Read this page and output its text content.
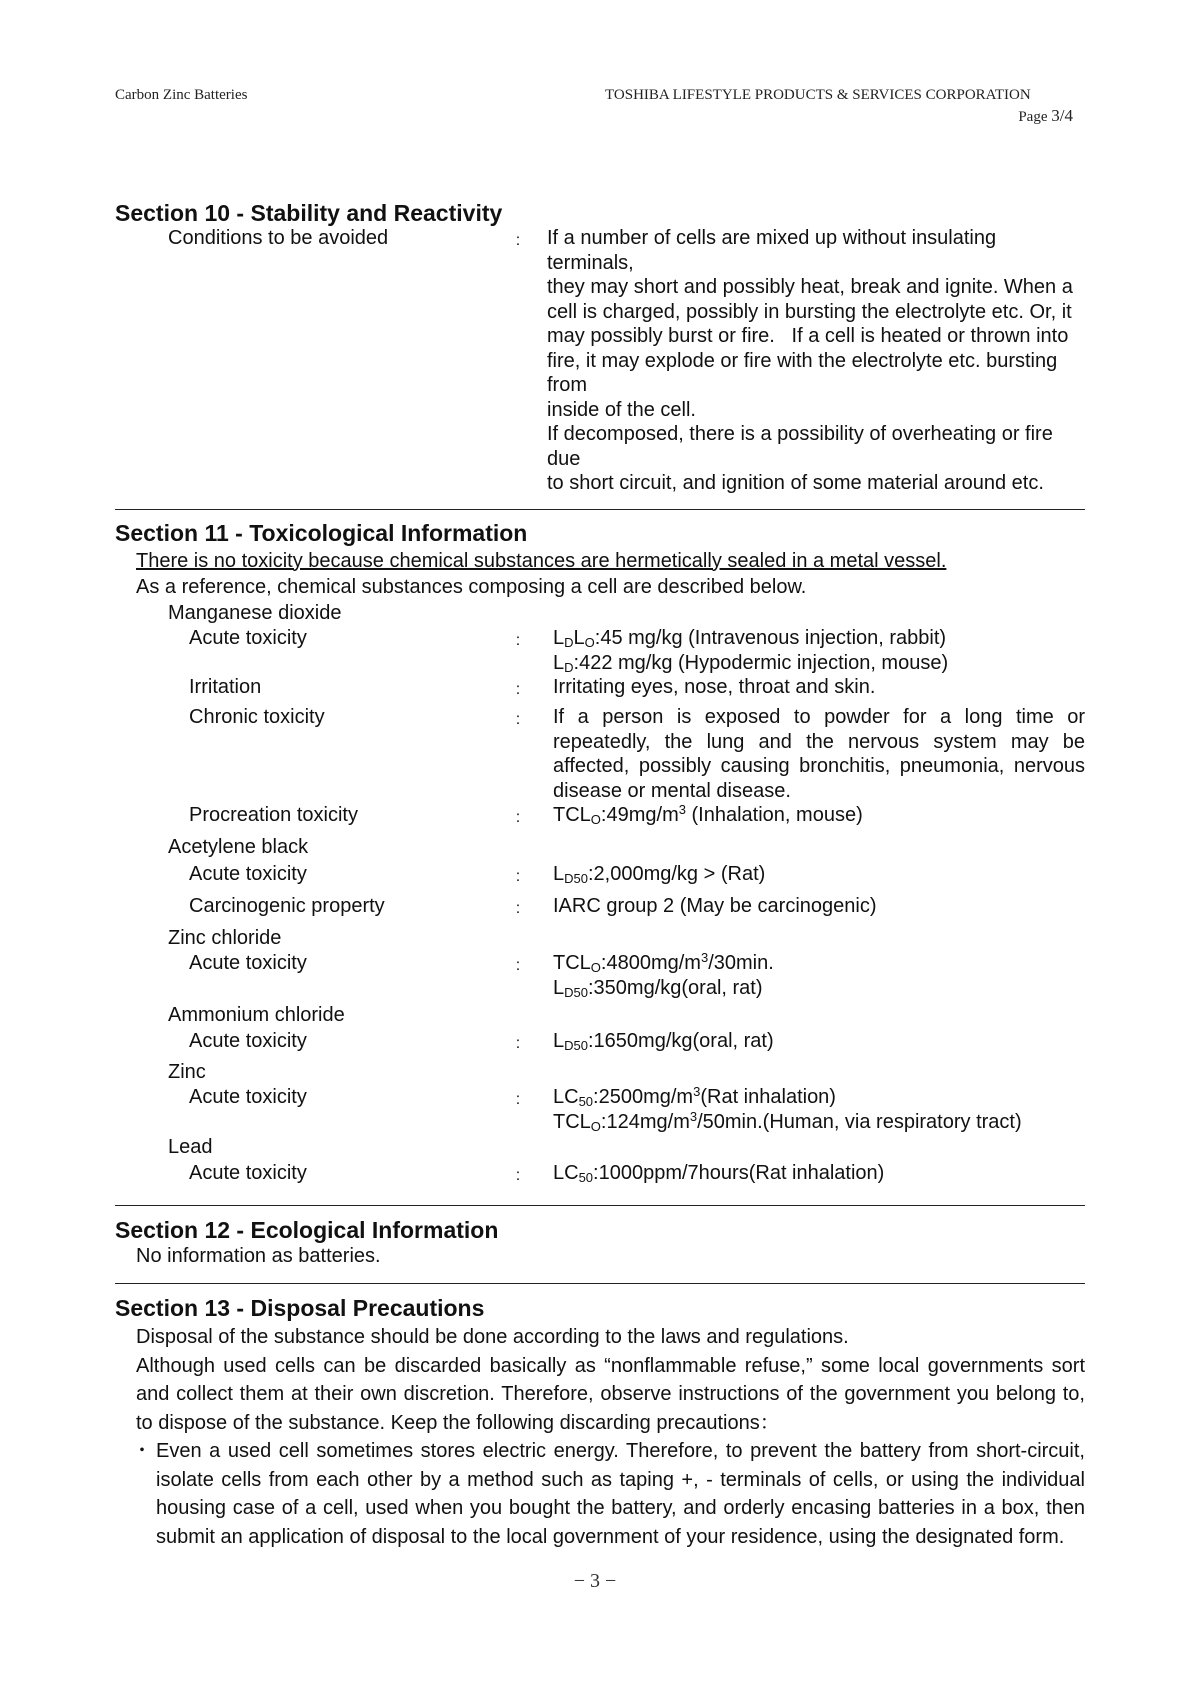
Carbon Zinc Batteries	TOSHIBA LIFESTYLE PRODUCTS & SERVICES CORPORATION
Page 3/4
Section 10 - Stability and Reactivity
Conditions to be avoided	:	If a number of cells are mixed up without insulating terminals,
they may short and possibly heat, break and ignite. When a
cell is charged, possibly in bursting the electrolyte etc. Or, it
may possibly burst or fire.   If a cell is heated or thrown into
fire, it may explode or fire with the electrolyte etc. bursting from
inside of the cell.
If decomposed, there is a possibility of overheating or fire due
to short circuit, and ignition of some material around etc.
Section 11 - Toxicological Information
There is no toxicity because chemical substances are hermetically sealed in a metal vessel.
As a reference, chemical substances composing a cell are described below.
Manganese dioxide
Acute toxicity	:	$L_DL_O:45$ mg/kg (Intravenous injection, rabbit)
$L_D:422$ mg/kg (Hypodermic injection, mouse)
Irritation	:	Irritating eyes, nose, throat and skin.
Chronic toxicity	:	If a person is exposed to powder for a long time or repeatedly, the lung and the nervous system may be affected, possibly causing bronchitis, pneumonia, nervous disease or mental disease.
Procreation toxicity	:	$TCL_O:49mg/m^3$ (Inhalation, mouse)
Acetylene black
Acute toxicity	:	$L_{D50}:2,000mg/kg > (Rat)$
Carcinogenic property	:	IARC group 2 (May be carcinogenic)
Zinc chloride
Acute toxicity	:	$TCL_O:4800mg/m^3/30\min$.
$L_{D50}:350mg/kg(oral$, rat)
Ammonium chloride
Acute toxicity	:	$L_{D50}:1650mg/kg(oral$, rat)
Zinc
Acute toxicity	:	$LC_{50}:2500mg/m^3(Rat$ inhalation)
$TCL_O:124mg/m^3/50\min.(Human$, via respiratory tract)
Lead
Acute toxicity	:	$LC_{50}:1000ppm/7hours(Rat$ inhalation)
Section 12 - Ecological Information
No information as batteries.
Section 13 - Disposal Precautions
Disposal of the substance should be done according to the laws and regulations.
Although used cells can be discarded basically as “nonflammable refuse,” some local governments sort and collect them at their own discretion. Therefore, observe instructions of the government you belong to, to dispose of the substance. Keep the following discarding precautions：
・ Even a used cell sometimes stores electric energy. Therefore, to prevent the battery from short-circuit, isolate cells from each other by a method such as taping +, - terminals of cells, or using the individual housing case of a cell, used when you bought the battery, and orderly encasing batteries in a box, then submit an application of disposal to the local government of your residence, using the designated form.
− 3 −
